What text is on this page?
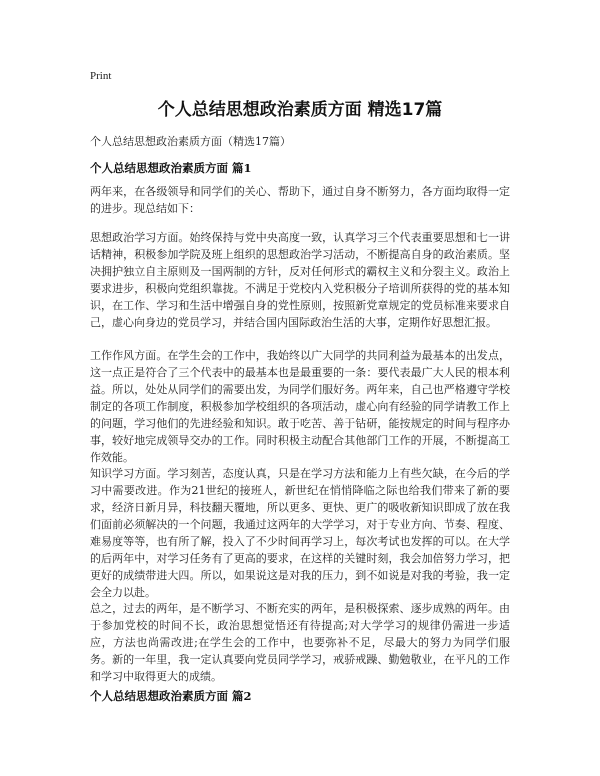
Print
个人总结思想政治素质方面 精选17篇

个人总结思想政治素质方面（精选17篇）

个人总结思想政治素质方面 篇1

两年来，在各级领导和同学们的关心、帮助下，通过自身不断努力，各方面均取得一定的进步。现总结如下：

思想政治学习方面。始终保持与党中央高度一致，认真学习三个代表重要思想和七一讲话精神，积极参加学院及班上组织的思想政治学习活动，不断提高自身的政治素质。坚决拥护独立自主原则及一国两制的方针，反对任何形式的霸权主义和分裂主义。政治上要求进步，积极向党组织靠拢。不满足于党校内入党积极分子培训所获得的党的基本知识，在工作、学习和生活中增强自身的党性原则，按照新党章规定的党员标准来要求自己，虚心向身边的党员学习，并结合国内国际政治生活的大事，定期作好思想汇报。

工作作风方面。在学生会的工作中，我始终以广大同学的共同利益为最基本的出发点，这一点正是符合了三个代表中的最基本也是最重要的一条：要代表最广大人民的根本利益。所以，处处从同学们的需要出发，为同学们服好务。两年来，自己也严格遵守学校制定的各项工作制度，积极参加学校组织的各项活动，虚心向有经验的同学请教工作上的问题，学习他们的先进经验和知识。敢于吃苦、善于钻研，能按规定的时间与程序办事，较好地完成领导交办的工作。同时积极主动配合其他部门工作的开展，不断提高工作效能。

知识学习方面。学习刻苦，态度认真，只是在学习方法和能力上有些欠缺，在今后的学习中需要改进。作为21世纪的接班人，新世纪在悄悄降临之际也给我们带来了新的要求，经济日新月异，科技翻天覆地，所以更多、更快、更广的吸收新知识即成了放在我们面前必须解决的一个问题，我通过这两年的大学学习，对于专业方向、节奏、程度、难易度等等，也有所了解，投入了不少时间再学习上，每次考试也发挥的可以。在大学的后两年中，对学习任务有了更高的要求，在这样的关键时刻，我会加倍努力学习，把更好的成绩带进大四。所以，如果说这是对我的压力，到不如说是对我的考验，我一定会全力以赴。

总之，过去的两年，是不断学习、不断充实的两年，是积极探索、逐步成熟的两年。由于参加党校的时间不长，政治思想觉悟还有待提高;对大学学习的规律仍需进一步适应，方法也尚需改进;在学生会的工作中，也要弥补不足，尽最大的努力为同学们服务。新的一年里，我一定认真要向党员同学学习，戒骄戒躁、勤勉敬业，在平凡的工作和学习中取得更大的成绩。

个人总结思想政治素质方面 篇2
